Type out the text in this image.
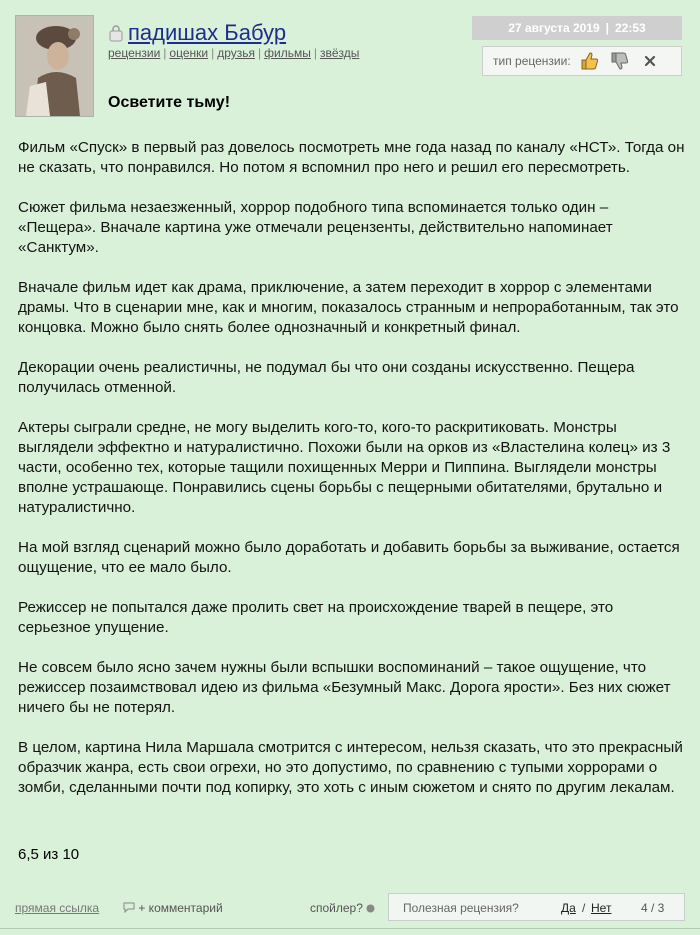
падишах Бабур
рецензии | оценки | друзья | фильмы | звёзды
27 августа 2019 | 22:53
тип рецензии:
Осветите тьму!

Фильм «Спуск» в первый раз довелось посмотреть мне года назад по каналу «НСТ». Тогда он не сказать, что понравился. Но потом я вспомнил про него и решил его пересмотреть.

Сюжет фильма незаезженный, хоррор подобного типа вспоминается только один – «Пещера». Вначале картина уже отмечали рецензенты, действительно напоминает «Санктум».

Вначале фильм идет как драма, приключение, а затем переходит в хоррор с элементами драмы. Что в сценарии мне, как и многим, показалось странным и непроработанным, так это концовка. Можно было снять более однозначный и конкретный финал.

Декорации очень реалистичны, не подумал бы что они созданы искусственно. Пещера получилась отменной.

Актеры сыграли средне, не могу выделить кого-то, кого-то раскритиковать. Монстры выглядели эффектно и натуралистично. Похожи были на орков из «Властелина колец» из 3 части, особенно тех, которые тащили похищенных Мерри и Пиппина. Выглядели монстры вполне устрашающе. Понравились сцены борьбы с пещерными обитателями, брутально и натуралистично.

На мой взгляд сценарий можно было доработать и добавить борьбы за выживание, остается ощущение, что ее мало было.

Режиссер не попытался даже пролить свет на происхождение тварей в пещере, это серьезное упущение.

Не совсем было ясно зачем нужны были вспышки воспоминаний – такое ощущение, что режиссер позаимствовал идею из фильма «Безумный Макс. Дорога ярости». Без них сюжет ничего бы не потерял.

В целом, картина Нила Маршала смотрится с интересом, нельзя сказать, что это прекрасный образчик жанра, есть свои огрехи, но это допустимо, по сравнению с тупыми хоррорами о зомби, сделанными почти под копирку, это хоть с иным сюжетом и снято по другим лекалам.

6,5 из 10
прямая ссылка	+ комментарий	спойлер?	Полезная рецензия?	Да / Нет 4 / 3
